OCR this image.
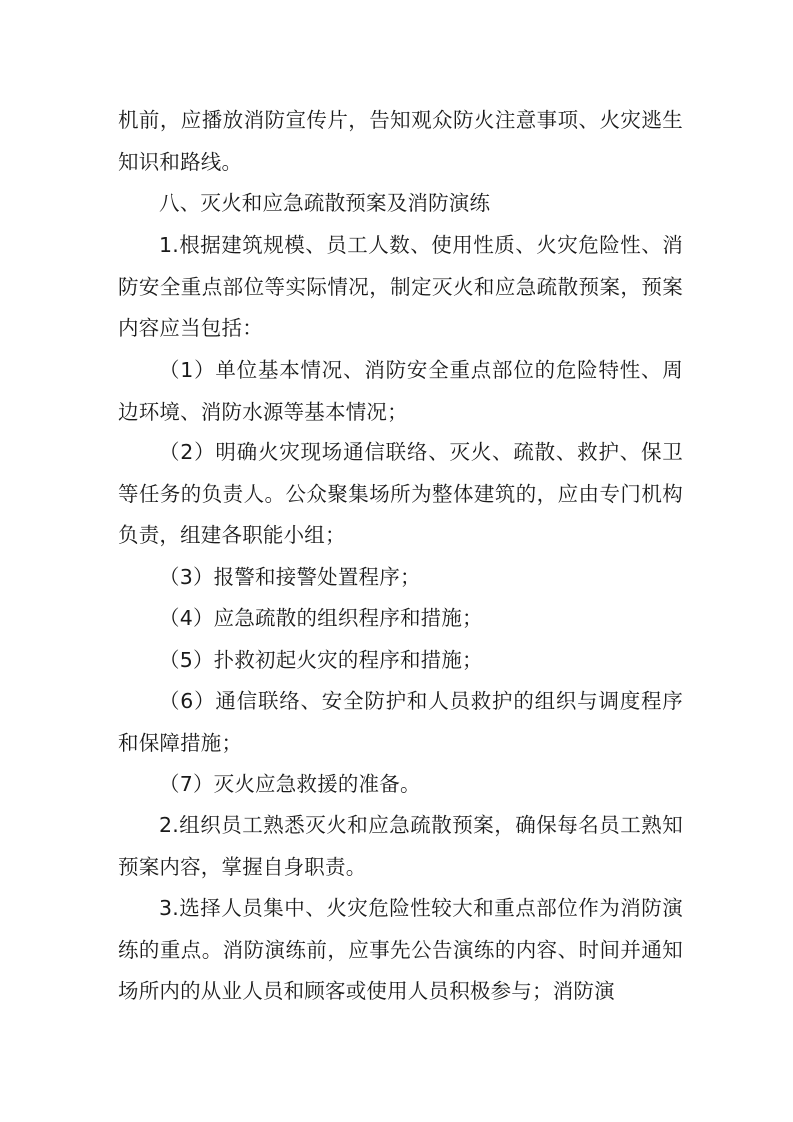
机前，应播放消防宣传片，告知观众防火注意事项、火灾逃生知识和路线。

八、灭火和应急疏散预案及消防演练

1.根据建筑规模、员工人数、使用性质、火灾危险性、消防安全重点部位等实际情况，制定灭火和应急疏散预案，预案内容应当包括：

（1）单位基本情况、消防安全重点部位的危险特性、周边环境、消防水源等基本情况；

（2）明确火灾现场通信联络、灭火、疏散、救护、保卫等任务的负责人。公众聚集场所为整体建筑的，应由专门机构负责，组建各职能小组；

（3）报警和接警处置程序；

（4）应急疏散的组织程序和措施；

（5）扑救初起火灾的程序和措施；

（6）通信联络、安全防护和人员救护的组织与调度程序和保障措施；

（7）灭火应急救援的准备。

2.组织员工熟悉灭火和应急疏散预案，确保每名员工熟知预案内容，掌握自身职责。

3.选择人员集中、火灾危险性较大和重点部位作为消防演练的重点。消防演练前，应事先公告演练的内容、时间并通知场所内的从业人员和顾客或使用人员积极参与；消防演
